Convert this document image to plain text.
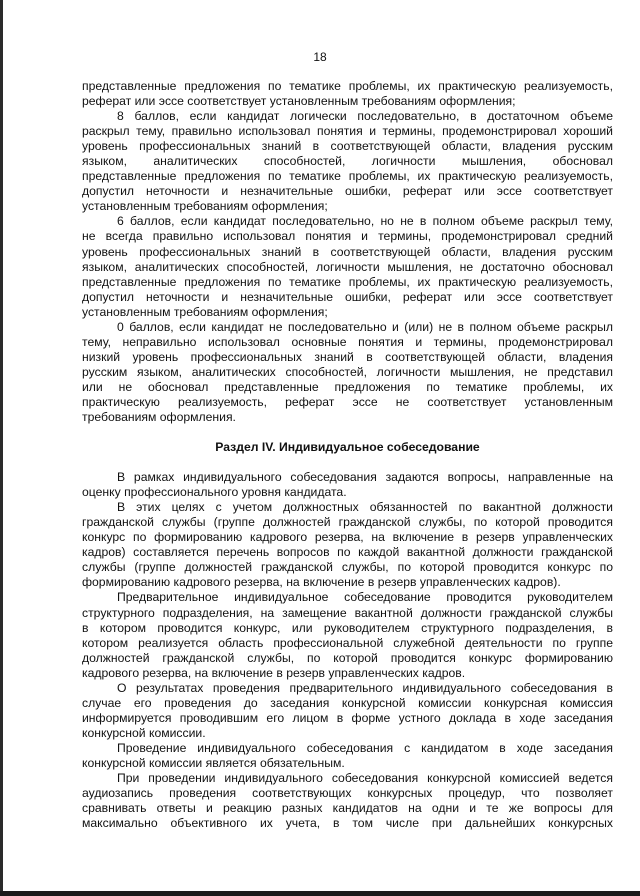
18
представленные предложения по тематике проблемы, их практическую реализуемость,
реферат или эссе соответствует установленным требованиям оформления;
8 баллов, если кандидат логически последовательно, в достаточном объеме
раскрыл тему, правильно использовал понятия и термины, продемонстрировал хороший
уровень профессиональных знаний в соответствующей области, владения русским
языком, аналитических способностей, логичности мышления, обосновал
представленные предложения по тематике проблемы, их практическую реализуемость,
допустил неточности и незначительные ошибки, реферат или эссе соответствует
установленным требованиям оформления;
6 баллов, если кандидат последовательно, но не в полном объеме раскрыл тему,
не всегда правильно использовал понятия и термины, продемонстрировал средний
уровень профессиональных знаний в соответствующей области, владения русским
языком, аналитических способностей, логичности мышления, не достаточно обосновал
представленные предложения по тематике проблемы, их практическую реализуемость,
допустил неточности и незначительные ошибки, реферат или эссе соответствует
установленным требованиям оформления;
0 баллов, если кандидат не последовательно и (или) не в полном объеме раскрыл
тему, неправильно использовал основные понятия и термины, продемонстрировал
низкий уровень профессиональных знаний в соответствующей области, владения
русским языком, аналитических способностей, логичности мышления, не представил
или не обосновал представленные предложения по тематике проблемы, их
практическую реализуемость, реферат эссе не соответствует установленным
требованиям оформления.
Раздел IV. Индивидуальное собеседование
В рамках индивидуального собеседования задаются вопросы, направленные на
оценку профессионального уровня кандидата.
В этих целях с учетом должностных обязанностей по вакантной должности
гражданской службы (группе должностей гражданской службы, по которой проводится
конкурс по формированию кадрового резерва, на включение в резерв управленческих
кадров) составляется перечень вопросов по каждой вакантной должности гражданской
службы (группе должностей гражданской службы, по которой проводится конкурс по
формированию кадрового резерва, на включение в резерв управленческих кадров).
Предварительное индивидуальное собеседование проводится руководителем
структурного подразделения, на замещение вакантной должности гражданской службы
в котором проводится конкурс, или руководителем структурного подразделения, в
котором реализуется область профессиональной служебной деятельности по группе
должностей гражданской службы, по которой проводится конкурс формированию
кадрового резерва, на включение в резерв управленческих кадров.
О результатах проведения предварительного индивидуального собеседования в
случае его проведения до заседания конкурсной комиссии конкурсная комиссия
информируется проводившим его лицом в форме устного доклада в ходе заседания
конкурсной комиссии.
Проведение индивидуального собеседования с кандидатом в ходе заседания
конкурсной комиссии является обязательным.
При проведении индивидуального собеседования конкурсной комиссией ведется
аудиозапись проведения соответствующих конкурсных процедур, что позволяет
сравнивать ответы и реакцию разных кандидатов на одни и те же вопросы для
максимально объективного их учета, в том числе при дальнейших конкурсных
